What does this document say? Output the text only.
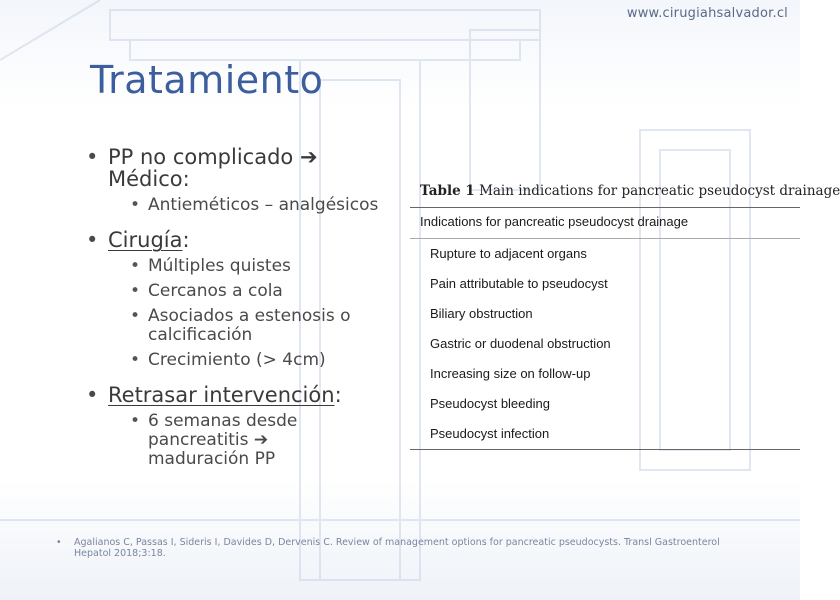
www.cirugiahsalvador.cl
Tratamiento
• PP no complicado ➔
Médico:
• Antieméticos – analgésicos
• Cirugía:
• Múltiples quistes
• Cercanos a cola
• Asociados a estenosis o calcificación
• Crecimiento (> 4cm)
• Retrasar intervención:
• 6 semanas desde pancreatitis ➔
maduración PP
Table 1 Main indications for pancreatic pseudocyst drainage
Indications for pancreatic pseudocyst drainage
Rupture to adjacent organs
Pain attributable to pseudocyst
Biliary obstruction
Gastric or duodenal obstruction
Increasing size on follow-up
Pseudocyst bleeding
Pseudocyst infection
• Agalianos C, Passas I, Sideris I, Davides D, Dervenis C. Review of management options for pancreatic pseudocysts. Transl Gastroenterol Hepatol 2018;3:18.
